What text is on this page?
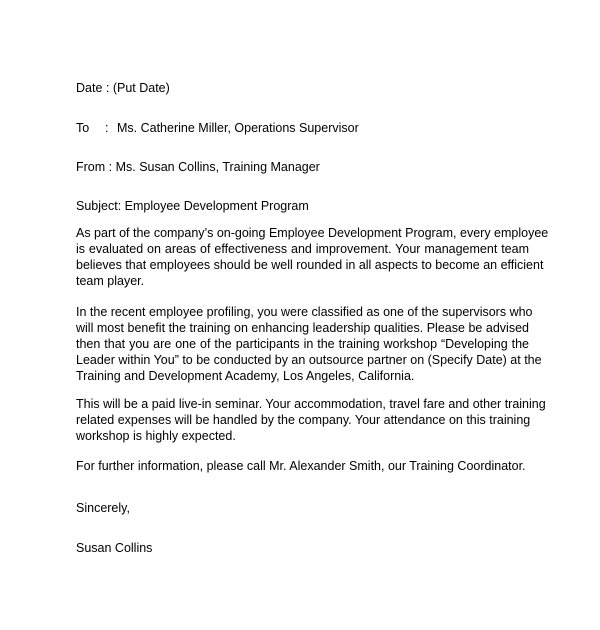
Date : (Put Date)
To : Ms. Catherine Miller, Operations Supervisor
From : Ms. Susan Collins, Training Manager
Subject: Employee Development Program
As part of the company’s on-going Employee Development Program, every employee
is evaluated on areas of effectiveness and improvement. Your management team
believes that employees should be well rounded in all aspects to become an efficient
team player.
In the recent employee profiling, you were classified as one of the supervisors who
will most benefit the training on enhancing leadership qualities. Please be advised
then that you are one of the participants in the training workshop “Developing the
Leader within You” to be conducted by an outsource partner on (Specify Date) at the
Training and Development Academy, Los Angeles, California.
This will be a paid live-in seminar. Your accommodation, travel fare and other training
related expenses will be handled by the company. Your attendance on this training
workshop is highly expected.
For further information, please call Mr. Alexander Smith, our Training Coordinator.
Sincerely,
Susan Collins
